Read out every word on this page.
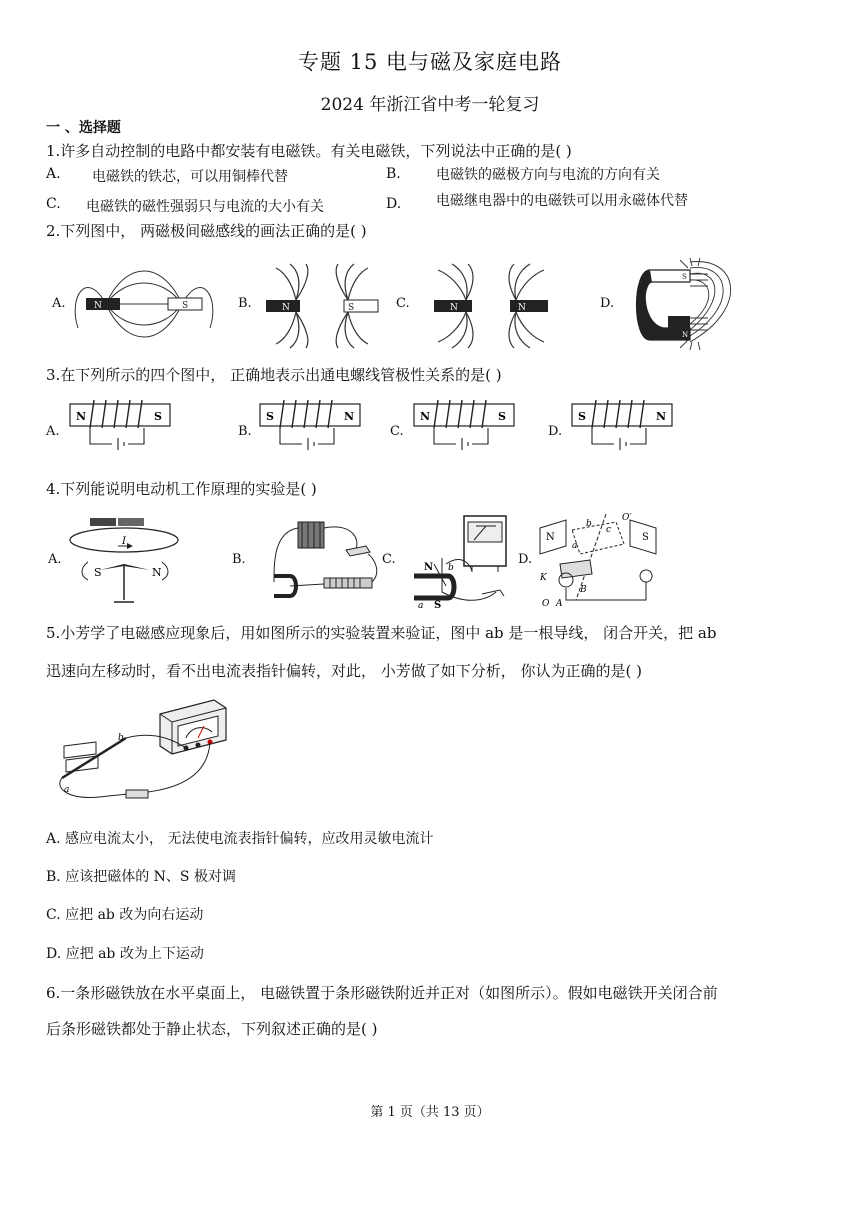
专题 15 电与磁及家庭电路
2024 年浙江省中考一轮复习
一 、选择题
1.许多自动控制的电路中都安装有电磁铁。有关电磁铁，下列说法中正确的是( )
A. 电磁铁的铁芯，可以用铜棒代替	B.	电磁铁的磁极方向与电流的方向有关
C. 电磁铁的磁性强弱只与电流的大小有关	D. 电磁继电器中的电磁铁可以用永磁体代替
2.下列图中， 两磁极间磁感线的画法正确的是( )
A.	B.	C.	D.
N	S	N	S	N	N
S
N
3.在下列所示的四个图中， 正确地表示出通电螺线管极性关系的是( )
A.	B.	C.	D.
N	S	S	N	N	S	S	N
4.下列能说明电动机工作原理的实验是( )
A.	B.	C.	D.
I
S	N	N b
a S
N	S
O′
a
b
c
K
O A
B
5.小芳学了电磁感应现象后，用如图所示的实验装置来验证，图中 ab 是一根导线， 闭合开关，把 ab
迅速向左移动时，看不出电流表指针偏转，对此， 小芳做了如下分析， 你认为正确的是( )
b
a
A. 感应电流太小， 无法使电流表指针偏转，应改用灵敏电流计
B. 应该把磁体的 N、S 极对调
C. 应把 ab 改为向右运动
D. 应把 ab 改为上下运动
6.一条形磁铁放在水平桌面上， 电磁铁置于条形磁铁附近并正对（如图所示）。假如电磁铁开关闭合前
后条形磁铁都处于静止状态，下列叙述正确的是( )
第 1 页（共 13 页）
